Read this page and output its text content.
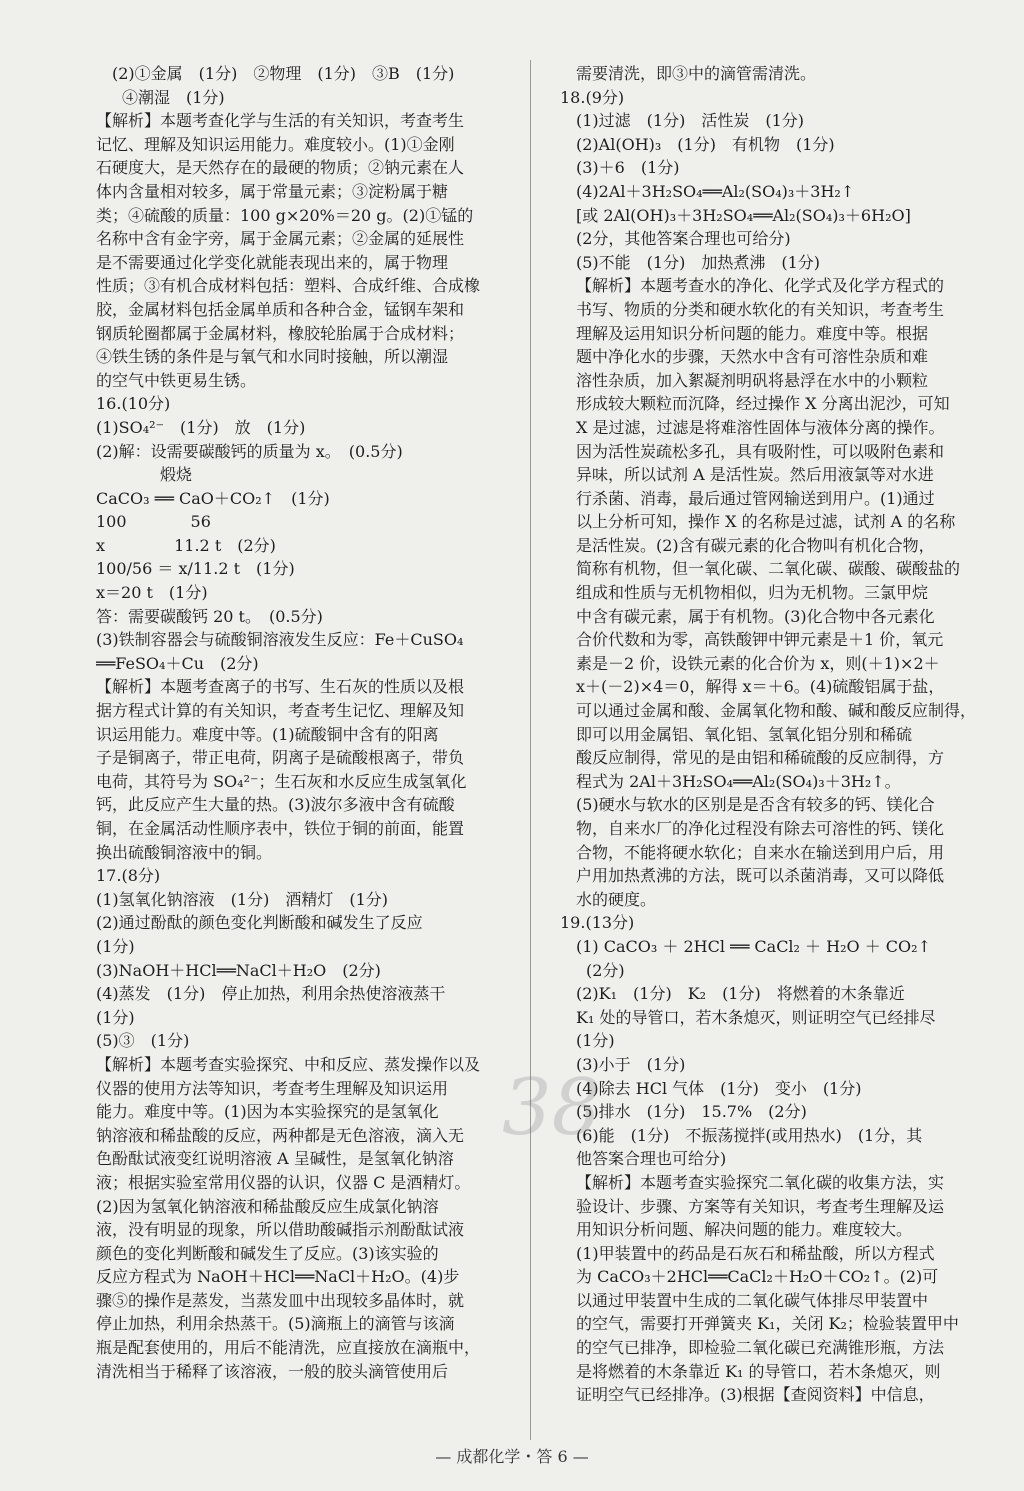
(2)①金属　(1分)　②物理　(1分)　③B　(1分)
④潮湿　(1分)
【解析】本题考查化学与生活的有关知识，考查考生
记忆、理解及知识运用能力。难度较小。(1)①金刚
石硬度大，是天然存在的最硬的物质；②钠元素在人
体内含量相对较多，属于常量元素；③淀粉属于糖
类；④硫酸的质量：100 g×20%＝20 g。(2)①锰的
名称中含有金字旁，属于金属元素；②金属的延展性
是不需要通过化学变化就能表现出来的，属于物理
性质；③有机合成材料包括：塑料、合成纤维、合成橡
胶，金属材料包括金属单质和各种合金，锰钢车架和
钢质轮圈都属于金属材料，橡胶轮胎属于合成材料；
④铁生锈的条件是与氧气和水同时接触，所以潮湿
的空气中铁更易生锈。
16.(10分)
(1)SO₄²⁻　(1分)　放　(1分)
(2)解：设需要碳酸钙的质量为 x。　(0.5分)
　　　　煅烧
CaCO₃ ══ CaO＋CO₂↑　(1分)
100　　　　56
x　　　　 11.2 t　(2分)
100/56 ＝ x/11.2 t　(1分)
x＝20 t　(1分)
答：需要碳酸钙 20 t。　(0.5分)
(3)铁制容器会与硫酸铜溶液发生反应：Fe＋CuSO₄
══FeSO₄＋Cu　(2分)
【解析】本题考查离子的书写、生石灰的性质以及根
据方程式计算的有关知识，考查考生记忆、理解及知
识运用能力。难度中等。(1)硫酸铜中含有的阳离
子是铜离子，带正电荷，阴离子是硫酸根离子，带负
电荷，其符号为 SO₄²⁻；生石灰和水反应生成氢氧化
钙，此反应产生大量的热。(3)波尔多液中含有硫酸
铜，在金属活动性顺序表中，铁位于铜的前面，能置
换出硫酸铜溶液中的铜。
17.(8分)
(1)氢氧化钠溶液　(1分)　酒精灯　(1分)
(2)通过酚酞的颜色变化判断酸和碱发生了反应
(1分)
(3)NaOH＋HCl══NaCl＋H₂O　(2分)
(4)蒸发　(1分)　停止加热，利用余热使溶液蒸干
(1分)
(5)③　(1分)
【解析】本题考查实验探究、中和反应、蒸发操作以及
仪器的使用方法等知识，考查考生理解及知识运用
能力。难度中等。(1)因为本实验探究的是氢氧化
钠溶液和稀盐酸的反应，两种都是无色溶液，滴入无
色酚酞试液变红说明溶液 A 呈碱性，是氢氧化钠溶
液；根据实验室常用仪器的认识，仪器 C 是酒精灯。
(2)因为氢氧化钠溶液和稀盐酸反应生成氯化钠溶
液，没有明显的现象，所以借助酸碱指示剂酚酞试液
颜色的变化判断酸和碱发生了反应。(3)该实验的
反应方程式为 NaOH＋HCl══NaCl＋H₂O。(4)步
骤⑤的操作是蒸发，当蒸发皿中出现较多晶体时，就
停止加热，利用余热蒸干。(5)滴瓶上的滴管与该滴
瓶是配套使用的，用后不能清洗，应直接放在滴瓶中，
清洗相当于稀释了该溶液，一般的胶头滴管使用后
需要清洗，即③中的滴管需清洗。
18.(9分)
(1)过滤　(1分)　活性炭　(1分)
(2)Al(OH)₃　(1分)　有机物　(1分)
(3)＋6　(1分)
(4)2Al＋3H₂SO₄══Al₂(SO₄)₃＋3H₂↑
[或 2Al(OH)₃＋3H₂SO₄══Al₂(SO₄)₃＋6H₂O]
(2分，其他答案合理也可给分)
(5)不能　(1分)　加热煮沸　(1分)
【解析】本题考查水的净化、化学式及化学方程式的
书写、物质的分类和硬水软化的有关知识，考查考生
理解及运用知识分析问题的能力。难度中等。根据
题中净化水的步骤，天然水中含有可溶性杂质和难
溶性杂质，加入絮凝剂明矾将悬浮在水中的小颗粒
形成较大颗粒而沉降，经过操作 X 分离出泥沙，可知
X 是过滤，过滤是将难溶性固体与液体分离的操作。
因为活性炭疏松多孔，具有吸附性，可以吸附色素和
异味，所以试剂 A 是活性炭。然后用液氯等对水进
行杀菌、消毒，最后通过管网输送到用户。(1)通过
以上分析可知，操作 X 的名称是过滤，试剂 A 的名称
是活性炭。(2)含有碳元素的化合物叫有机化合物，
简称有机物，但一氧化碳、二氧化碳、碳酸、碳酸盐的
组成和性质与无机物相似，归为无机物。三氯甲烷
中含有碳元素，属于有机物。(3)化合物中各元素化
合价代数和为零，高铁酸钾中钾元素是＋1 价，氧元
素是－2 价，设铁元素的化合价为 x，则(＋1)×2＋
x＋(－2)×4＝0，解得 x＝＋6。(4)硫酸铝属于盐，
可以通过金属和酸、金属氧化物和酸、碱和酸反应制得，
即可以用金属铝、氧化铝、氢氧化铝分别和稀硫
酸反应制得，常见的是由铝和稀硫酸的反应制得，方
程式为 2Al＋3H₂SO₄══Al₂(SO₄)₃＋3H₂↑。
(5)硬水与软水的区别是是否含有较多的钙、镁化合
物，自来水厂的净化过程没有除去可溶性的钙、镁化
合物，不能将硬水软化；自来水在输送到用户后，用
户用加热煮沸的方法，既可以杀菌消毒，又可以降低
水的硬度。
19.(13分)
(1) CaCO₃ ＋ 2HCl ══ CaCl₂ ＋ H₂O ＋ CO₂↑
(2分)
(2)K₁　(1分)　K₂　(1分)　将燃着的木条靠近
K₁ 处的导管口，若木条熄灭，则证明空气已经排尽
(1分)
(3)小于　(1分)
(4)除去 HCl 气体　(1分)　变小　(1分)
(5)排水　(1分)　15.7%　(2分)
(6)能　(1分)　不振荡搅拌(或用热水)　(1分，其
他答案合理也可给分)
【解析】本题考查实验探究二氧化碳的收集方法，实
验设计、步骤、方案等有关知识，考查考生理解及运
用知识分析问题、解决问题的能力。难度较大。
(1)甲装置中的药品是石灰石和稀盐酸，所以方程式
为 CaCO₃＋2HCl══CaCl₂＋H₂O＋CO₂↑。(2)可
以通过甲装置中生成的二氧化碳气体排尽甲装置中
的空气，需要打开弹簧夹 K₁，关闭 K₂；检验装置甲中
的空气已排净，即检验二氧化碳已充满锥形瓶，方法
是将燃着的木条靠近 K₁ 的导管口，若木条熄灭，则
证明空气已经排净。(3)根据【查阅资料】中信息，
38
— 成都化学・答 6 —
